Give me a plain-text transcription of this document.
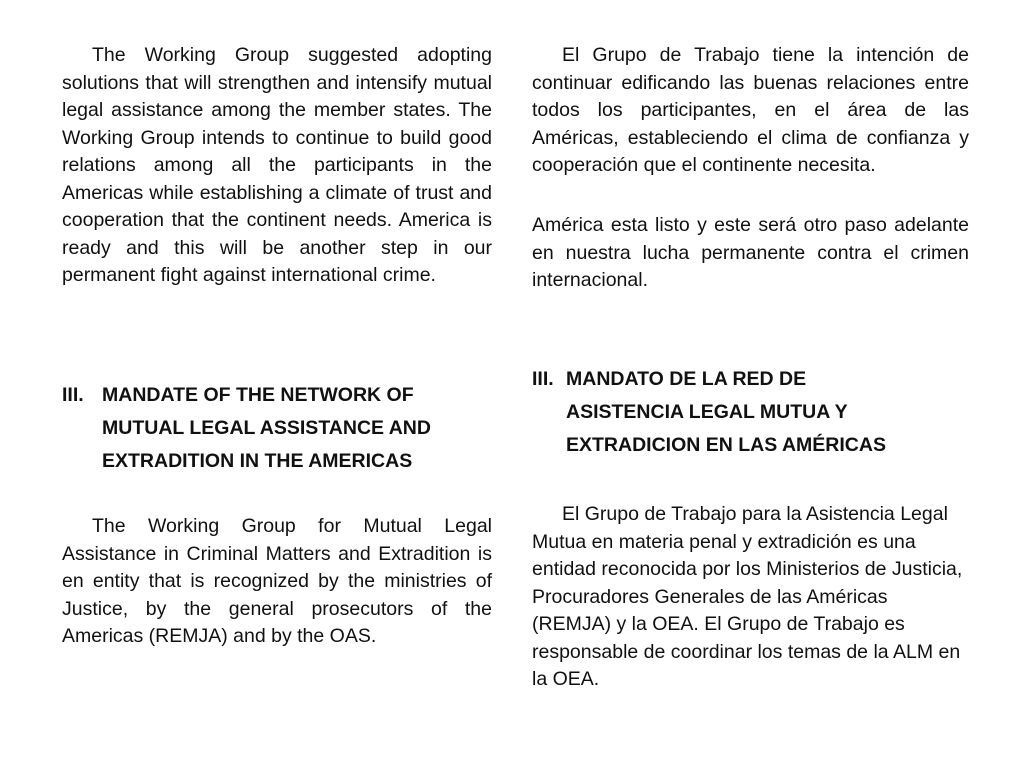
The Working Group suggested adopting solutions that will strengthen and intensify mutual legal assistance among the member states. The Working Group intends to continue to build good relations among all the participants in the Americas while establishing a climate of trust and cooperation that the continent needs. America is ready and this will be another step in our permanent fight against international crime.

III. MANDATE OF THE NETWORK OF
MUTUAL LEGAL ASSISTANCE AND
EXTRADITION IN THE AMERICAS

The Working Group for Mutual Legal Assistance in Criminal Matters and Extradition is en entity that is recognized by the ministries of Justice, by the general prosecutors of the Americas (REMJA) and by the OAS.

El Grupo de Trabajo tiene la intención de continuar edificando las buenas relaciones entre todos los participantes, en el área de las Américas, estableciendo el clima de confianza y cooperación que el continente necesita.

América esta listo y este será otro paso adelante en nuestra lucha permanente contra el crimen internacional.

III. MANDATO DE LA RED DE
ASISTENCIA LEGAL MUTUA Y
EXTRADICION EN LAS AMÉRICAS

El Grupo de Trabajo para la Asistencia Legal Mutua en materia penal y extradición es una entidad reconocida por los Ministerios de Justicia, Procuradores Generales de las Américas (REMJA) y la OEA. El Grupo de Trabajo es responsable de coordinar los temas de la ALM en la OEA.
